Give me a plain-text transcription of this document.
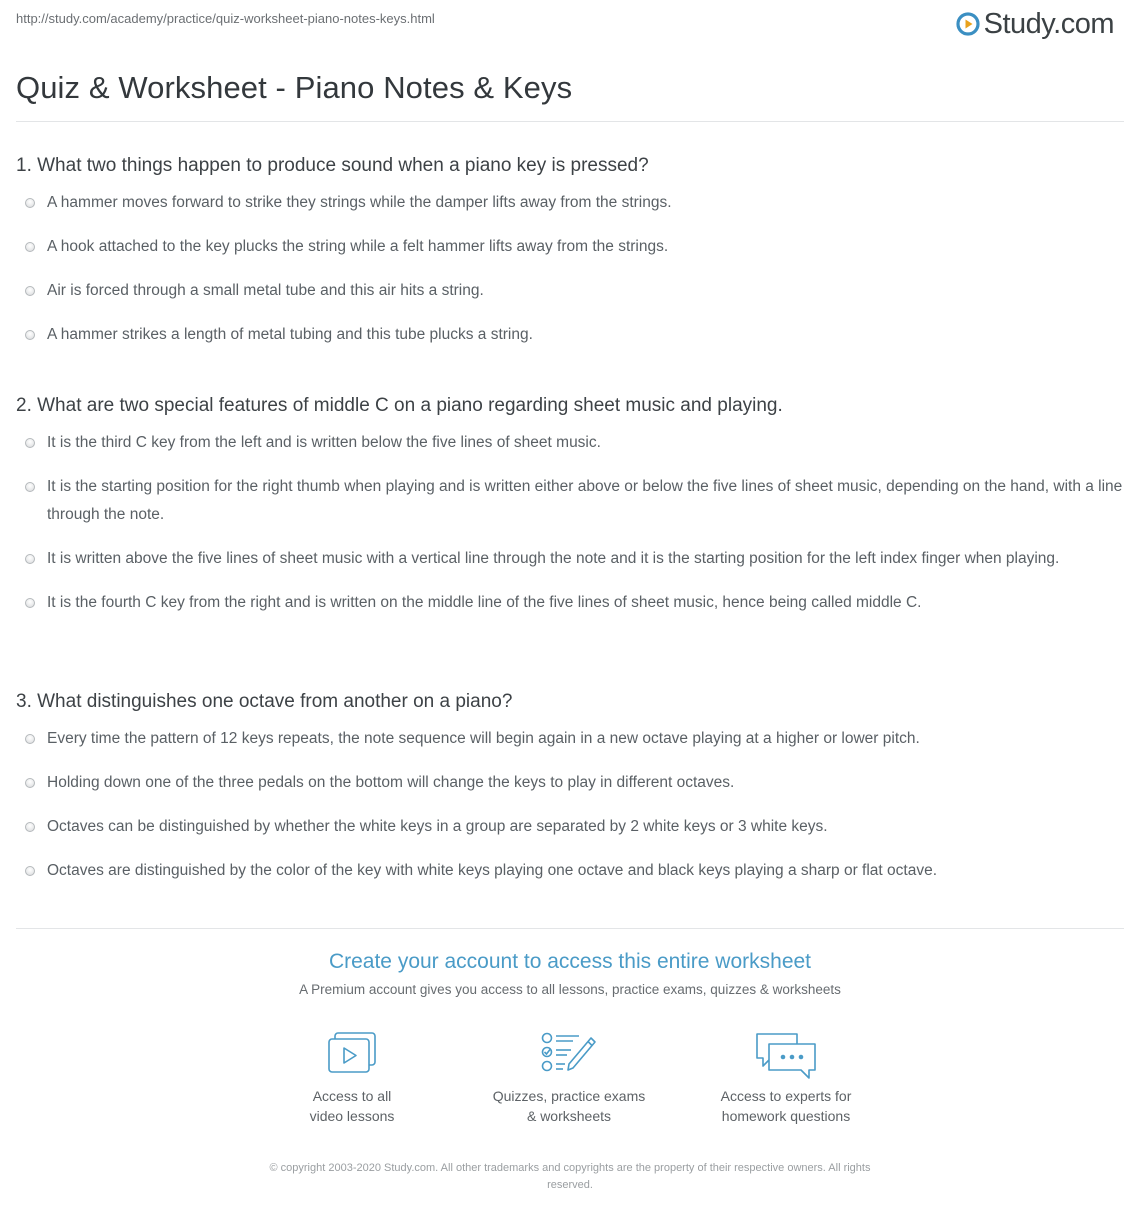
http://study.com/academy/practice/quiz-worksheet-piano-notes-keys.html	Study.com
Quiz & Worksheet - Piano Notes & Keys
1. What two things happen to produce sound when a piano key is pressed?
A hammer moves forward to strike they strings while the damper lifts away from the strings.
A hook attached to the key plucks the string while a felt hammer lifts away from the strings.
Air is forced through a small metal tube and this air hits a string.
A hammer strikes a length of metal tubing and this tube plucks a string.
2. What are two special features of middle C on a piano regarding sheet music and playing.
It is the third C key from the left and is written below the five lines of sheet music.
It is the starting position for the right thumb when playing and is written either above or below the five lines of sheet music, depending on the hand, with a line through the note.
It is written above the five lines of sheet music with a vertical line through the note and it is the starting position for the left index finger when playing.
It is the fourth C key from the right and is written on the middle line of the five lines of sheet music, hence being called middle C.
3. What distinguishes one octave from another on a piano?
Every time the pattern of 12 keys repeats, the note sequence will begin again in a new octave playing at a higher or lower pitch.
Holding down one of the three pedals on the bottom will change the keys to play in different octaves.
Octaves can be distinguished by whether the white keys in a group are separated by 2 white keys or 3 white keys.
Octaves are distinguished by the color of the key with white keys playing one octave and black keys playing a sharp or flat octave.
Create your account to access this entire worksheet
A Premium account gives you access to all lessons, practice exams, quizzes & worksheets
Access to all
video lessons
Quizzes, practice exams
& worksheets
Access to experts for
homework questions
© copyright 2003-2020 Study.com. All other trademarks and copyrights are the property of their respective owners. All rights
reserved.
